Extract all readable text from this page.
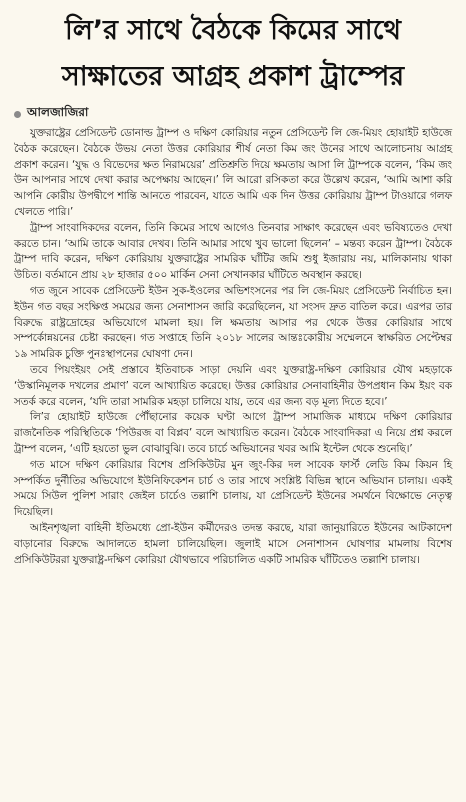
লি’র সাথে বৈঠকে কিমের সাথে
সাক্ষাতের আগ্রহ প্রকাশ ট্রাম্পের
আলজাজিরা

যুক্তরাষ্ট্রের প্রেসিডেন্ট ডোনাল্ড ট্রাম্প ও দক্ষিণ কোরিয়ার নতুন প্রেসিডেন্ট লি জে-মিয়ং হোয়াইট হাউজে বৈঠক করেছেন। বৈঠকে উভয় নেতা উত্তর কোরিয়ার শীর্ষ নেতা কিম জং উনের সাথে আলোচনায় আগ্রহ প্রকাশ করেন। ‘যুদ্ধ ও বিভেদের ক্ষত নিরাময়ের’ প্রতিশ্রুতি দিয়ে ক্ষমতায় আসা লি ট্রাম্পকে বলেন, ‘কিম জং উন আপনার সাথে দেখা করার অপেক্ষায় আছেন।’ লি আরো রসিকতা করে উল্লেখ করেন, ‘আমি আশা করি আপনি কোরীয় উপদ্বীপে শান্তি আনতে পারবেন, যাতে আমি এক দিন উত্তর কোরিয়ায় ট্রাম্প টাওয়ারে গলফ খেলতে পারি।’

ট্রাম্প সাংবাদিকদের বলেন, তিনি কিমের সাথে আগেও তিনবার সাক্ষাৎ করেছেন এবং ভবিষ্যতেও দেখা করতে চান। ‘আমি তাকে আবার দেখব। তিনি আমার সাথে খুব ভালো ছিলেন’ – মন্তব্য করেন ট্রাম্প। বৈঠকে ট্রাম্প দাবি করেন, দক্ষিণ কোরিয়ায় যুক্তরাষ্ট্রের সামরিক ঘাঁটির জমি শুধু ইজারায় নয়, মালিকানায় থাকা উচিত। বর্তমানে প্রায় ২৮ হাজার ৫০০ মার্কিন সেনা সেখানকার ঘাঁটিতে অবস্থান করছে।

গত জুনে সাবেক প্রেসিডেন্ট ইউন সুক-ইওলের অভিশংসনের পর লি জে-মিয়ং প্রেসিডেন্ট নির্বাচিত হন। ইউন গত বছর সংক্ষিপ্ত সময়ের জন্য সেনাশাসন জারি করেছিলেন, যা সংসদ দ্রুত বাতিল করে। এরপর তার বিরুদ্ধে রাষ্ট্রদ্রোহের অভিযোগে মামলা হয়। লি ক্ষমতায় আসার পর থেকে উত্তর কোরিয়ার সাথে সম্পর্কোন্নয়নের চেষ্টা করছেন। গত সপ্তাহে তিনি ২০১৮ সালের আন্তঃকোরীয় সম্মেলনে স্বাক্ষরিত সেপ্টেম্বর ১৯ সামরিক চুক্তি পুনঃস্থাপনের ঘোষণা দেন।

তবে পিয়ংইয়ং সেই প্রস্তাবে ইতিবাচক সাড়া দেয়নি এবং যুক্তরাষ্ট্র-দক্ষিণ কোরিয়ার যৌথ মহড়াকে ‘উস্কানিমূলক দখলের প্রমাণ’ বলে আখ্যায়িত করেছে। উত্তর কোরিয়ার সেনাবাহিনীর উপপ্রধান কিম ইয়ং বক সতর্ক করে বলেন, ‘যদি তারা সামরিক মহড়া চালিয়ে যায়, তবে এর জন্য বড় মূল্য দিতে হবে।’

লি’র হোয়াইট হাউজে পৌঁছানোর কয়েক ঘণ্টা আগে ট্রাম্প সামাজিক মাধ্যমে দক্ষিণ কোরিয়ার রাজনৈতিক পরিস্থিতিকে ‘পিউরজ বা বিপ্লব’ বলে আখ্যায়িত করেন। বৈঠকে সাংবাদিকরা এ নিয়ে প্রশ্ন করলে ট্রাম্প বলেন, ‘এটি হয়তো ভুল বোঝাবুঝি। তবে চার্চে অভিযানের খবর আমি ইন্টেল থেকে শুনেছি।’

গত মাসে দক্ষিণ কোরিয়ার বিশেষ প্রসিকিউটর মুন জুং-কির দল সাবেক ফার্স্ট লেডি কিম কিয়ন হি সম্পর্কিত দুর্নীতির অভিযোগে ইউনিফিকেশন চার্চ ও তার সাথে সংশ্লিষ্ট বিভিন্ন স্থানে অভিযান চালায়। একই সময়ে সিউল পুলিশ সারাং জেইল চার্চেও তল্লাশি চালায়, যা প্রেসিডেন্ট ইউনের সমর্থনে বিক্ষোভে নেতৃত্ব দিয়েছিল।

আইনশৃঙ্খলা বাহিনী ইতিমধ্যে প্রো-ইউন কর্মীদেরও তদন্ত করছে, যারা জানুয়ারিতে ইউনের আটকাদেশ বাড়ানোর বিরুদ্ধে আদালতে হামলা চালিয়েছিল। জুলাই মাসে সেনাশাসন ঘোষণার মামলায় বিশেষ প্রসিকিউটররা যুক্তরাষ্ট্র-দক্ষিণ কোরিয়া যৌথভাবে পরিচালিত একটি সামরিক ঘাঁটিতেও তল্লাশি চালায়।
